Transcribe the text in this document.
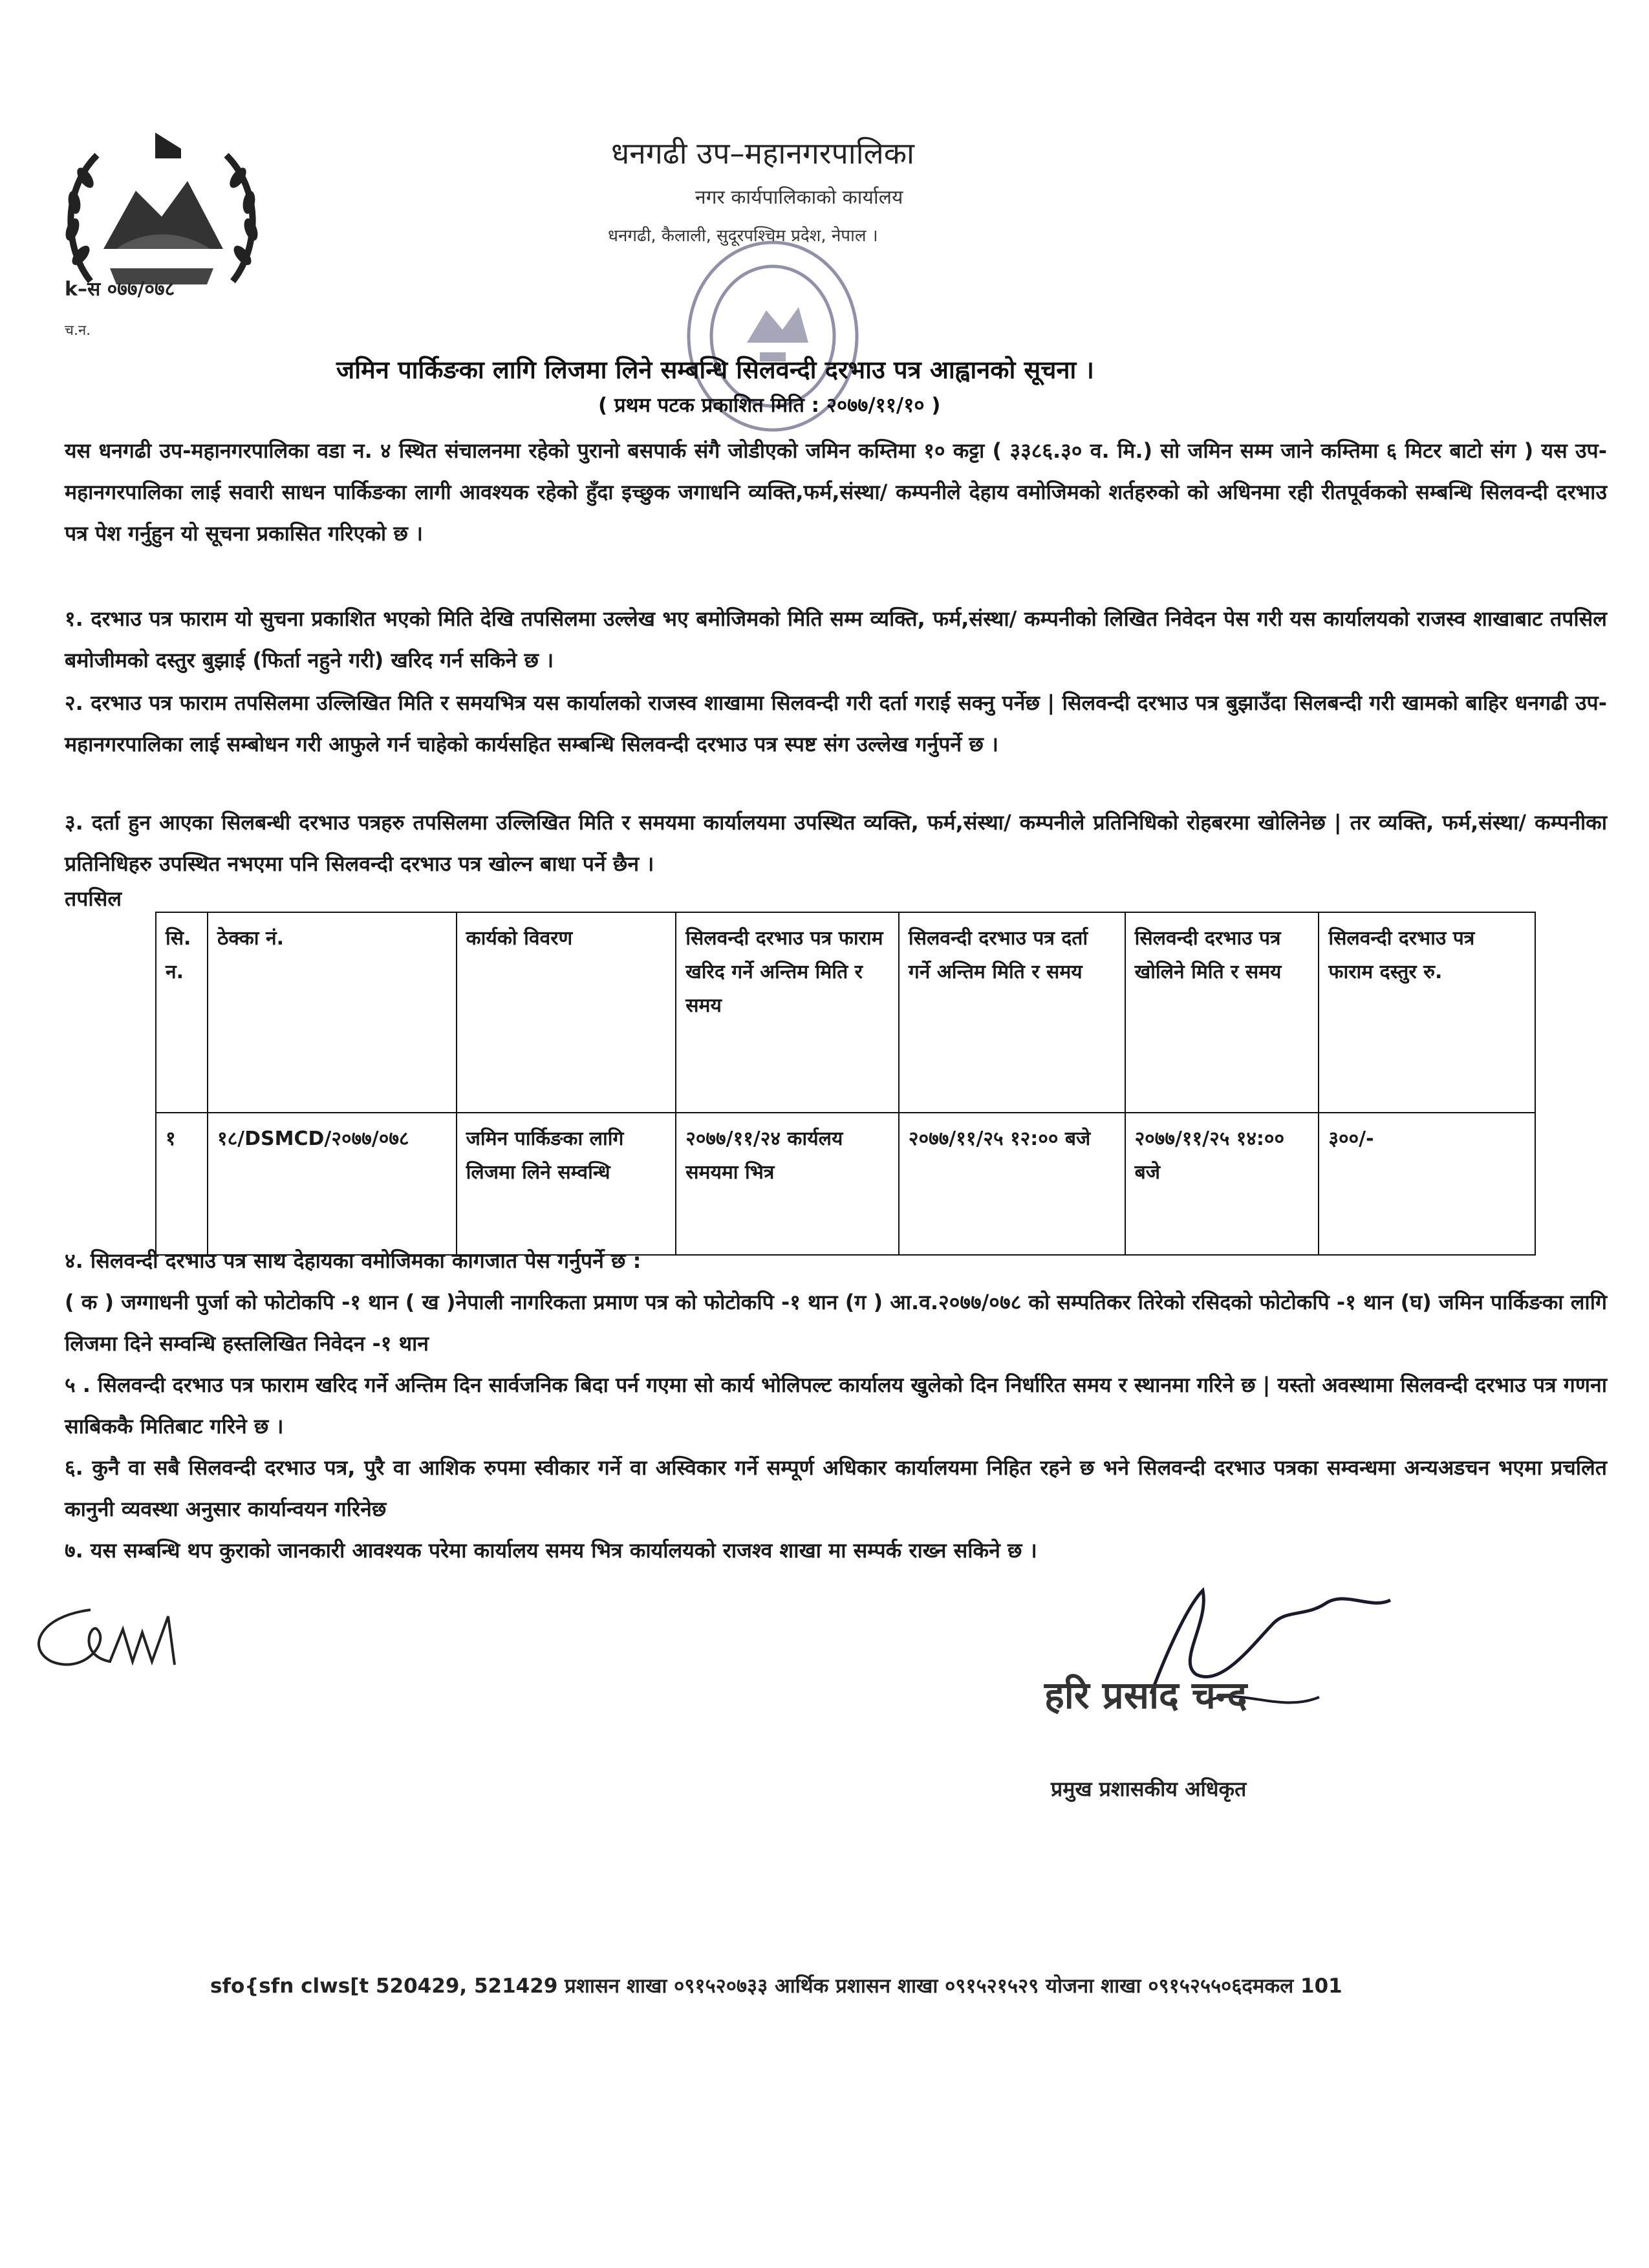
k–स ०७७/०७८
च.न.
धनगढी उप–महानगरपालिका
नगर कार्यपालिकाको कार्यालय
धनगढी, कैलाली, सुदूरपश्चिम प्रदेश, नेपाल ।
जमिन पार्किङका लागि लिजमा लिने सम्बन्धि सिलवन्दी दरभाउ पत्र आह्वानको सूचना ।
( प्रथम पटक प्रकाशित मिति : २०७७/११/१० )
यस धनगढी उप-महानगरपालिका वडा न. ४ स्थित संचालनमा रहेको पुरानो बसपार्क संगै जोडीएको जमिन कम्तिमा १० कट्टा ( ३३८६.३० व. मि.) सो जमिन सम्म जाने कम्तिमा ६ मिटर बाटो संग ) यस उप-महानगरपालिका लाई सवारी साधन पार्किङका लागी आवश्यक रहेको हुँदा इच्छुक जगाधनि व्यक्ति,फर्म,संस्था/ कम्पनीले देहाय वमोजिमको शर्तहरुको को अधिनमा रही रीतपूर्वकको सम्बन्धि सिलवन्दी दरभाउ पत्र पेश गर्नुहुन यो सूचना प्रकासित गरिएको छ ।
१. दरभाउ पत्र फाराम यो सुचना प्रकाशित भएको मिति देखि तपसिलमा उल्लेख भए बमोजिमको मिति सम्म व्यक्ति, फर्म,संस्था/ कम्पनीको लिखित निवेदन पेस गरी यस कार्यालयको राजस्व शाखाबाट तपसिल बमोजीमको दस्तुर बुझाई (फिर्ता नहुने गरी) खरिद गर्न सकिने छ ।
२. दरभाउ पत्र फाराम तपसिलमा उल्लिखित मिति र समयभित्र यस कार्यालको राजस्व शाखामा सिलवन्दी गरी दर्ता गराई सक्नु पर्नेछ | सिलवन्दी दरभाउ पत्र बुझाउँदा सिलबन्दी गरी खामको बाहिर धनगढी उप- महानगरपालिका लाई सम्बोधन गरी आफुले गर्न चाहेको कार्यसहित सम्बन्धि सिलवन्दी दरभाउ पत्र स्पष्ट संग उल्लेख गर्नुपर्ने छ ।
३. दर्ता हुन आएका सिलबन्धी दरभाउ पत्रहरु तपसिलमा उल्लिखित मिति र समयमा कार्यालयमा उपस्थित व्यक्ति, फर्म,संस्था/ कम्पनीले प्रतिनिधिको रोहबरमा खोलिनेछ | तर व्यक्ति, फर्म,संस्था/ कम्पनीका प्रतिनिधिहरु उपस्थित नभएमा पनि सिलवन्दी दरभाउ पत्र खोल्न बाधा पर्ने छैन ।
तपसिल
सि. न.	ठेक्का नं.	कार्यको विवरण	सिलवन्दी दरभाउ पत्र फाराम खरिद गर्ने अन्तिम मिति र समय	सिलवन्दी दरभाउ पत्र दर्ता गर्ने अन्तिम मिति र समय	सिलवन्दी दरभाउ पत्र खोलिने मिति र समय	सिलवन्दी दरभाउ पत्र फाराम दस्तुर रु.
१	१८/DSMCD/२०७७/०७८	जमिन पार्किङका लागि लिजमा लिने सम्वन्धि	२०७७/११/२४ कार्यलय समयमा भित्र	२०७७/११/२५ १२:०० बजे	२०७७/११/२५ १४:०० बजे	३००/-
४. सिलवन्दी दरभाउ पत्र साथ देहायका वमोजिमका कागजात पेस गर्नुपर्ने छ :
( क ) जग्गाधनी पुर्जा को फोटोकपि -१ थान ( ख )नेपाली नागरिकता प्रमाण पत्र को फोटोकपि -१ थान (ग ) आ.व.२०७७/०७८ को सम्पतिकर तिरेको रसिदको फोटोकपि -१ थान (घ) जमिन पार्किङका लागि लिजमा दिने सम्वन्धि हस्तलिखित निवेदन -१ थान
५ . सिलवन्दी दरभाउ पत्र फाराम खरिद गर्ने अन्तिम दिन सार्वजनिक बिदा पर्न गएमा सो कार्य भोलिपल्ट कार्यालय खुलेको दिन निर्धारित समय र स्थानमा गरिने छ | यस्तो अवस्थामा सिलवन्दी दरभाउ पत्र गणना साबिककै मितिबाट गरिने छ ।
६. कुनै वा सबै सिलवन्दी दरभाउ पत्र, पुरै वा आशिक रुपमा स्वीकार गर्ने वा अस्विकार गर्ने सम्पूर्ण अधिकार कार्यालयमा निहित रहने छ भने सिलवन्दी दरभाउ पत्रका सम्वन्धमा अन्यअडचन भएमा प्रचलित कानुनी व्यवस्था अनुसार कार्यान्वयन गरिनेछ
७. यस सम्बन्धि थप कुराको जानकारी आवश्यक परेमा कार्यालय समय भित्र कार्यालयको राजश्व शाखा मा सम्पर्क राख्न सकिने छ ।
हरि प्रसाद चन्द
प्रमुख प्रशासकीय अधिकृत
sfo{sfn clws[t 520429, 521429 प्रशासन शाखा ०९१५२०७३३ आर्थिक प्रशासन शाखा ०९१५२१५२९ योजना शाखा ०९१५२५५०६दमकल 101
